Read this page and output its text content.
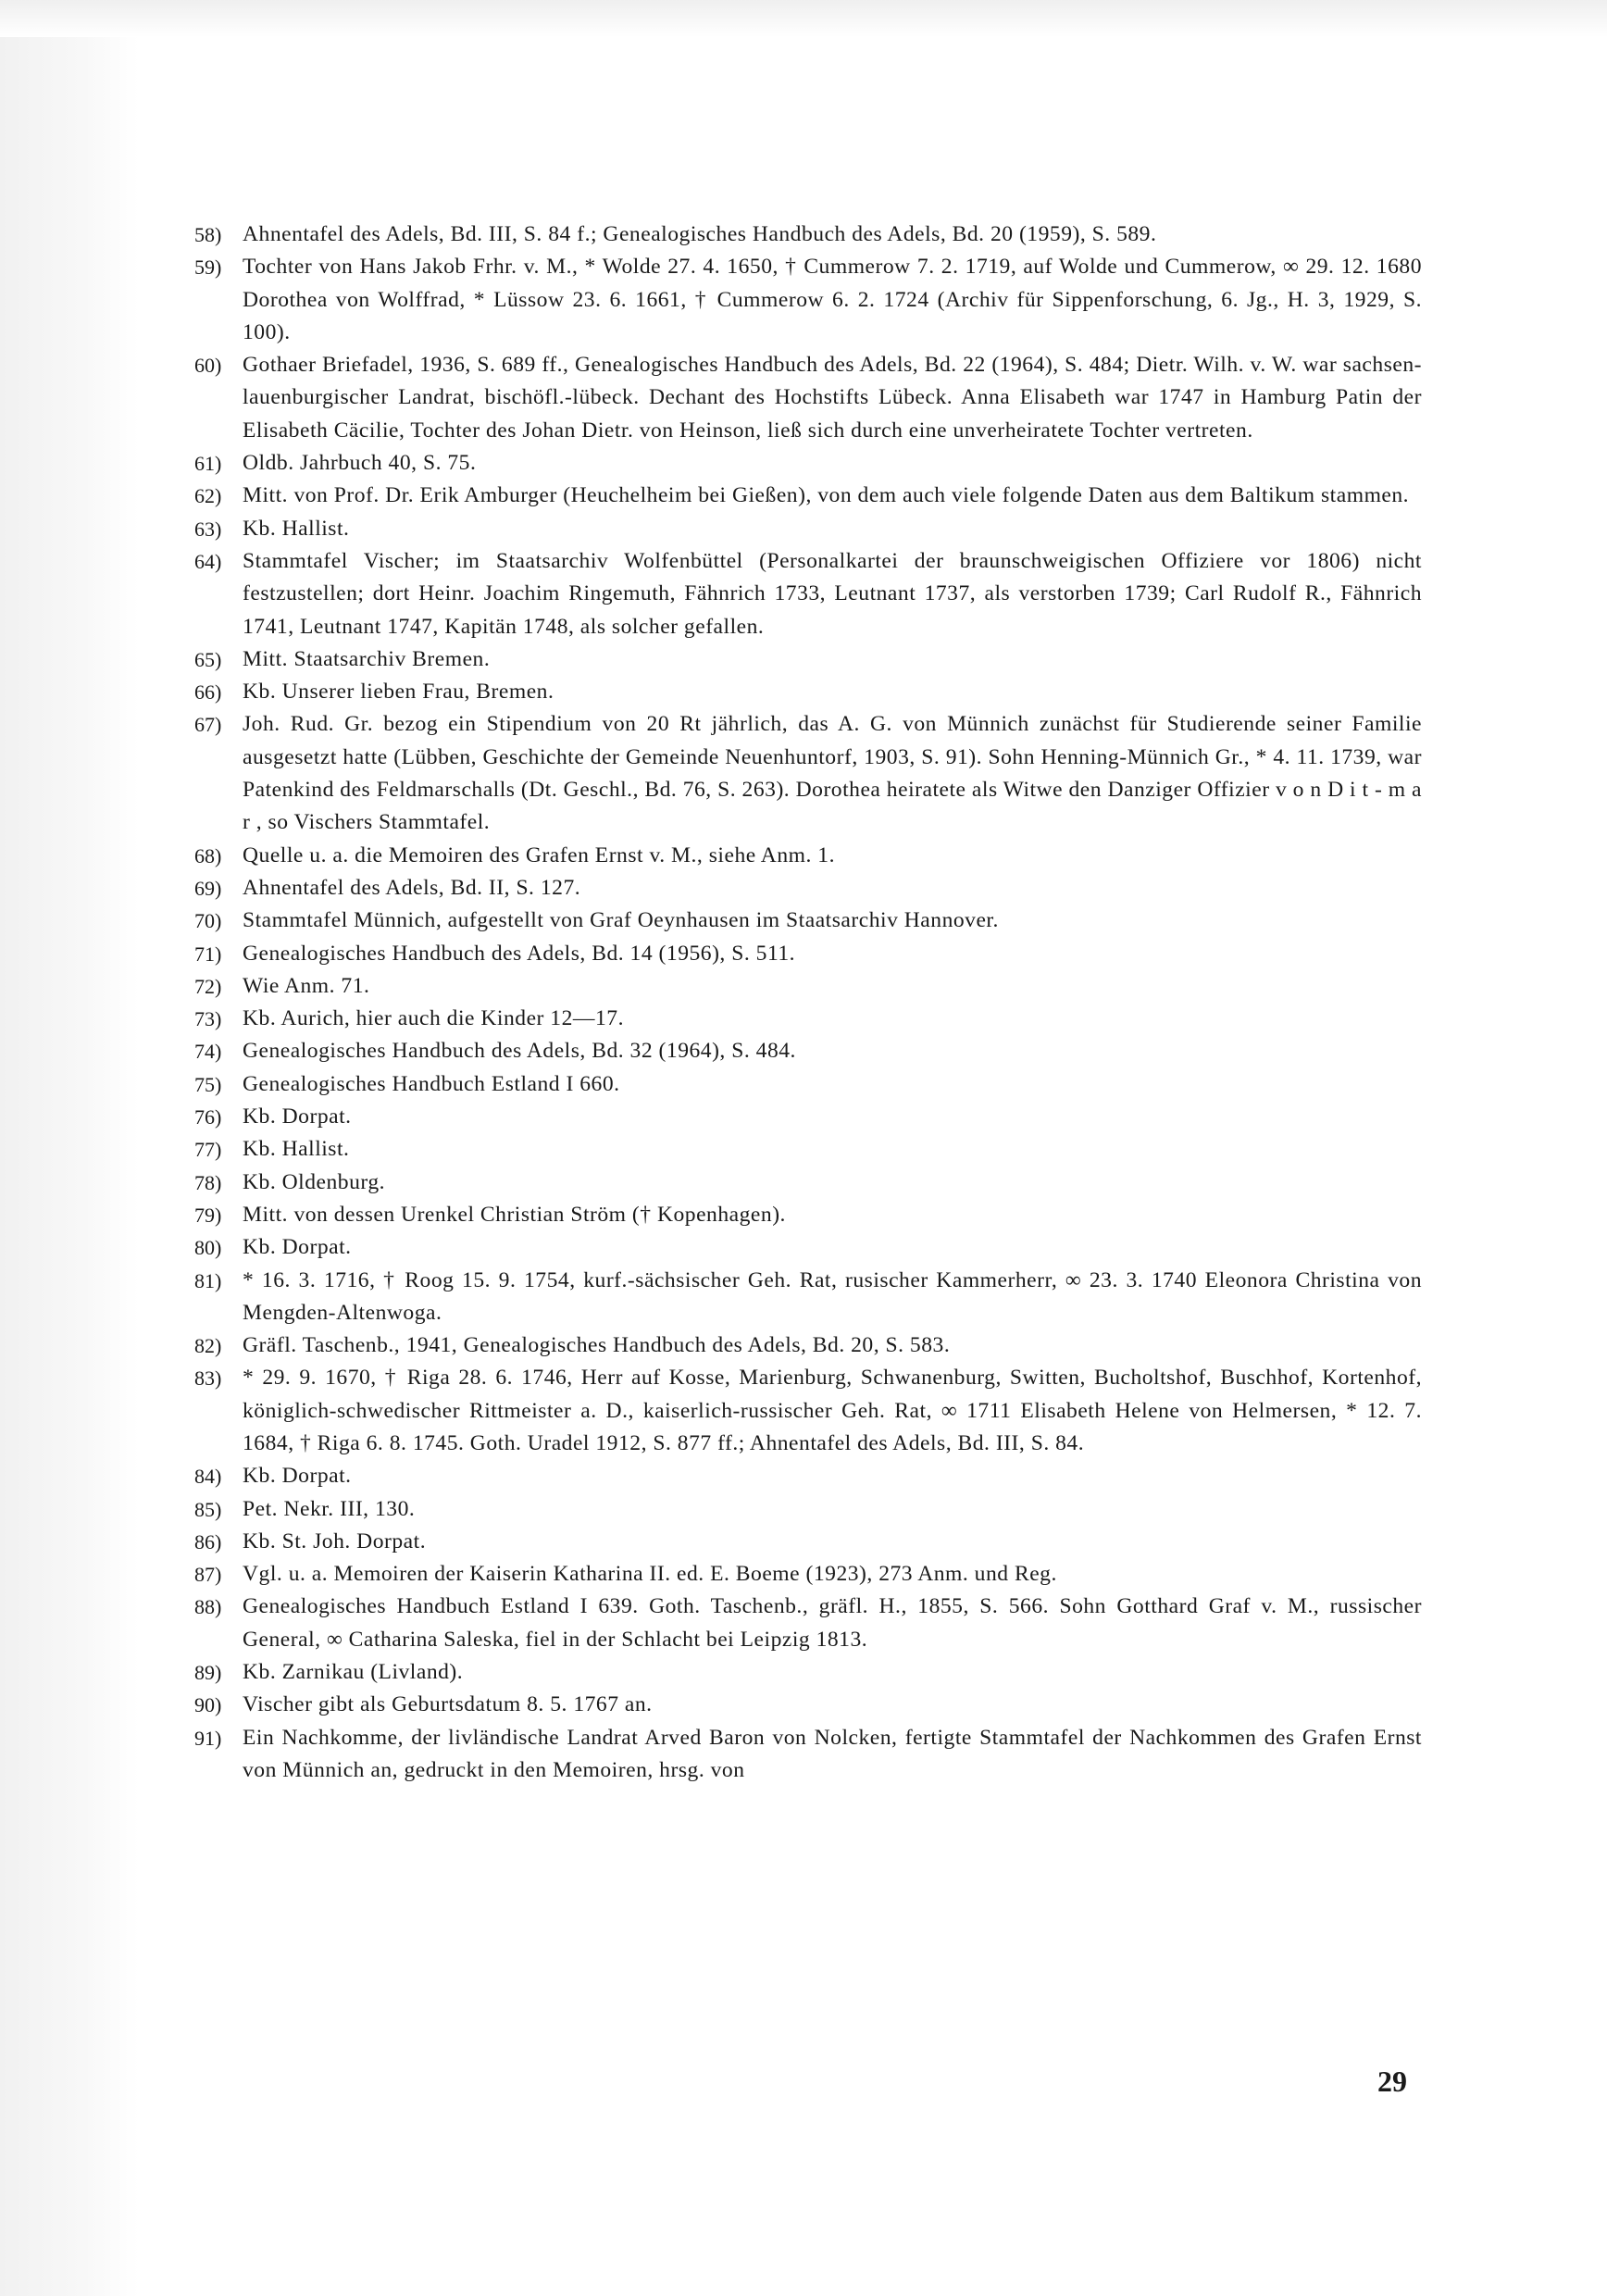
58) Ahnentafel des Adels, Bd. III, S. 84 f.; Genealogisches Handbuch des Adels, Bd. 20 (1959), S. 589.
59) Tochter von Hans Jakob Frhr. v. M., * Wolde 27. 4. 1650, † Cummerow 7. 2. 1719, auf Wolde und Cummerow, ∞ 29. 12. 1680 Dorothea von Wolffrad, * Lüssow 23. 6. 1661, † Cummerow 6. 2. 1724 (Archiv für Sippenforschung, 6. Jg., H. 3, 1929, S. 100).
60) Gothaer Briefadel, 1936, S. 689 ff., Genealogisches Handbuch des Adels, Bd. 22 (1964), S. 484; Dietr. Wilh. v. W. war sachsen-lauenburgischer Landrat, bischöfl.-lübeck. Dechant des Hochstifts Lübeck. Anna Elisabeth war 1747 in Hamburg Patin der Elisabeth Cäcilie, Tochter des Johan Dietr. von Heinson, ließ sich durch eine unverheiratete Tochter vertreten.
61) Oldb. Jahrbuch 40, S. 75.
62) Mitt. von Prof. Dr. Erik Amburger (Heuchelheim bei Gießen), von dem auch viele folgende Daten aus dem Baltikum stammen.
63) Kb. Hallist.
64) Stammtafel Vischer; im Staatsarchiv Wolfenbüttel (Personalkartei der braunschweigischen Offiziere vor 1806) nicht festzustellen; dort Heinr. Joachim Ringemuth, Fähnrich 1733, Leutnant 1737, als verstorben 1739; Carl Rudolf R., Fähnrich 1741, Leutnant 1747, Kapitän 1748, als solcher gefallen.
65) Mitt. Staatsarchiv Bremen.
66) Kb. Unserer lieben Frau, Bremen.
67) Joh. Rud. Gr. bezog ein Stipendium von 20 Rt jährlich, das A. G. von Münnich zunächst für Studierende seiner Familie ausgesetzt hatte (Lübben, Geschichte der Gemeinde Neuenhuntorf, 1903, S. 91). Sohn Henning-Münnich Gr., * 4. 11. 1739, war Patenkind des Feldmarschalls (Dt. Geschl., Bd. 76, S. 263). Dorothea heiratete als Witwe den Danziger Offizier v o n D i t - m a r , so Vischers Stammtafel.
68) Quelle u. a. die Memoiren des Grafen Ernst v. M., siehe Anm. 1.
69) Ahnentafel des Adels, Bd. II, S. 127.
70) Stammtafel Münnich, aufgestellt von Graf Oeynhausen im Staatsarchiv Hannover.
71) Genealogisches Handbuch des Adels, Bd. 14 (1956), S. 511.
72) Wie Anm. 71.
73) Kb. Aurich, hier auch die Kinder 12—17.
74) Genealogisches Handbuch des Adels, Bd. 32 (1964), S. 484.
75) Genealogisches Handbuch Estland I 660.
76) Kb. Dorpat.
77) Kb. Hallist.
78) Kb. Oldenburg.
79) Mitt. von dessen Urenkel Christian Ström († Kopenhagen).
80) Kb. Dorpat.
81) * 16. 3. 1716, † Roog 15. 9. 1754, kurf.-sächsischer Geh. Rat, rusischer Kammerherr, ∞ 23. 3. 1740 Eleonora Christina von Mengden-Altenwoga.
82) Gräfl. Taschenb., 1941, Genealogisches Handbuch des Adels, Bd. 20, S. 583.
83) * 29. 9. 1670, † Riga 28. 6. 1746, Herr auf Kosse, Marienburg, Schwanenburg, Switten, Bucholtshof, Buschhof, Kortenhof, königlich-schwedischer Rittmeister a. D., kaiserlich-russischer Geh. Rat, ∞ 1711 Elisabeth Helene von Helmersen, * 12. 7. 1684, † Riga 6. 8. 1745. Goth. Uradel 1912, S. 877 ff.; Ahnentafel des Adels, Bd. III, S. 84.
84) Kb. Dorpat.
85) Pet. Nekr. III, 130.
86) Kb. St. Joh. Dorpat.
87) Vgl. u. a. Memoiren der Kaiserin Katharina II. ed. E. Boeme (1923), 273 Anm. und Reg.
88) Genealogisches Handbuch Estland I 639. Goth. Taschenb., gräfl. H., 1855, S. 566. Sohn Gotthard Graf v. M., russischer General, ∞ Catharina Saleska, fiel in der Schlacht bei Leipzig 1813.
89) Kb. Zarnikau (Livland).
90) Vischer gibt als Geburtsdatum 8. 5. 1767 an.
91) Ein Nachkomme, der livländische Landrat Arved Baron von Nolcken, fertigte Stammtafel der Nachkommen des Grafen Ernst von Münnich an, gedruckt in den Memoiren, hrsg. von
29
